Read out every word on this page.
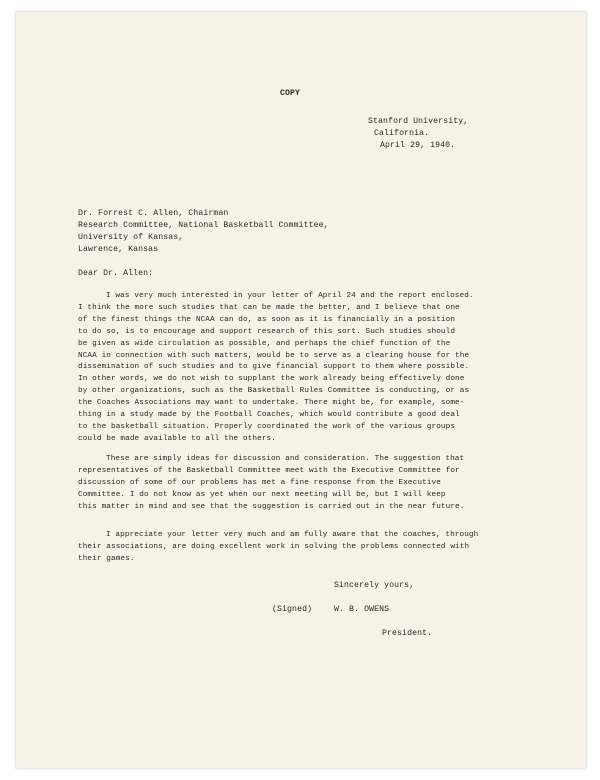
COPY
Stanford University,
California.
April 29, 1940.
Dr. Forrest C. Allen, Chairman
Research Committee, National Basketball Committee,
University of Kansas,
Lawrence, Kansas
Dear Dr. Allen:
I was very much interested in your letter of April 24 and the report enclosed.
I think the more such studies that can be made the better, and I believe that one
of the finest things the NCAA can do, as soon as it is financially in a position
to do so, is to encourage and support research of this sort. Such studies should
be given as wide circulation as possible, and perhaps the chief function of the
NCAA in connection with such matters, would be to serve as a clearing house for the
dissemination of such studies and to give financial support to them where possible.
In other words, we do not wish to supplant the work already being effectively done
by other organizations, such as the Basketball Rules Committee is conducting, or as
the Coaches Associations may want to undertake. There might be, for example, some-
thing in a study made by the Football Coaches, which would contribute a good deal
to the basketball situation. Properly coordinated the work of the various groups
could be made available to all the others.
These are simply ideas for discussion and consideration. The suggestion that
representatives of the Basketball Committee meet with the Executive Committee for
discussion of some of our problems has met a fine response from the Executive
Committee. I do not know as yet when our next meeting will be, but I will keep
this matter in mind and see that the suggestion is carried out in the near future.
I appreciate your letter very much and am fully aware that the coaches, through
their associations, are doing excellent work in solving the problems connected with
their games.
Sincerely yours,
(Signed)	W. B. OWENS
President.
